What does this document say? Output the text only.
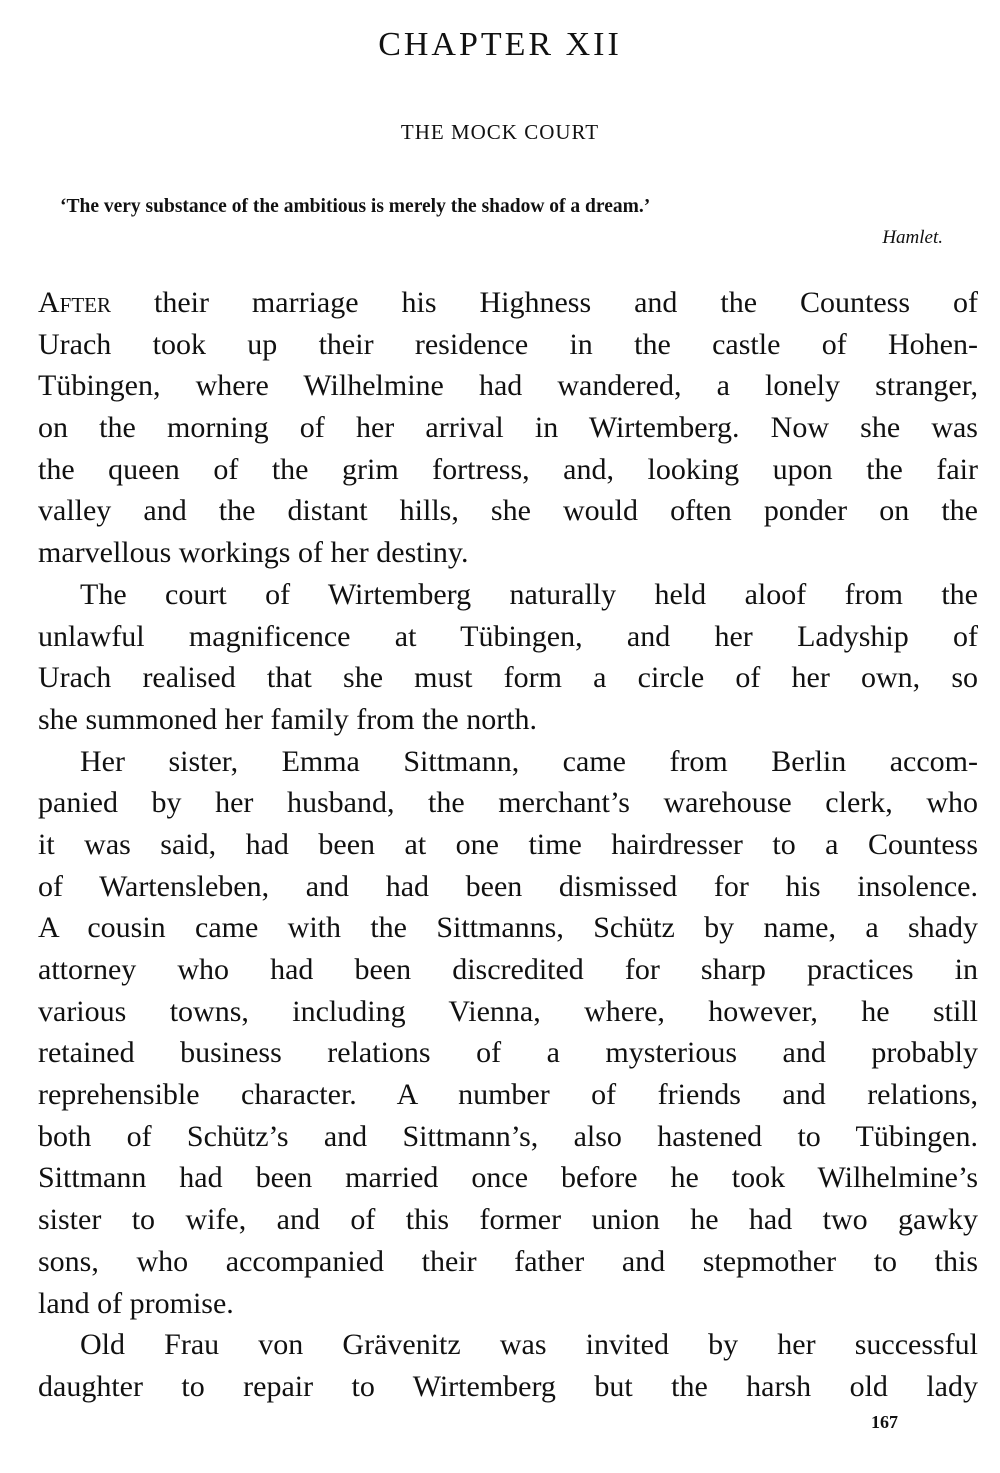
CHAPTER XII
THE MOCK COURT
‘The very substance of the ambitious is merely the shadow of a dream.’
Hamlet.
After their marriage his Highness and the Countess of
Urach took up their residence in the castle of Hohen-
Tübingen, where Wilhelmine had wandered, a lonely stranger,
on the morning of her arrival in Wirtemberg. Now she was
the queen of the grim fortress, and, looking upon the fair
valley and the distant hills, she would often ponder on the
marvellous workings of her destiny.
The court of Wirtemberg naturally held aloof from the
unlawful magnificence at Tübingen, and her Ladyship of
Urach realised that she must form a circle of her own, so
she summoned her family from the north.
Her sister, Emma Sittmann, came from Berlin accom-
panied by her husband, the merchant’s warehouse clerk, who
it was said, had been at one time hairdresser to a Countess
of Wartensleben, and had been dismissed for his insolence.
A cousin came with the Sittmanns, Schütz by name, a shady
attorney who had been discredited for sharp practices in
various towns, including Vienna, where, however, he still
retained business relations of a mysterious and probably
reprehensible character. A number of friends and relations,
both of Schütz’s and Sittmann’s, also hastened to Tübingen.
Sittmann had been married once before he took Wilhelmine’s
sister to wife, and of this former union he had two gawky
sons, who accompanied their father and stepmother to this
land of promise.
Old Frau von Grävenitz was invited by her successful
daughter to repair to Wirtemberg but the harsh old lady
167
